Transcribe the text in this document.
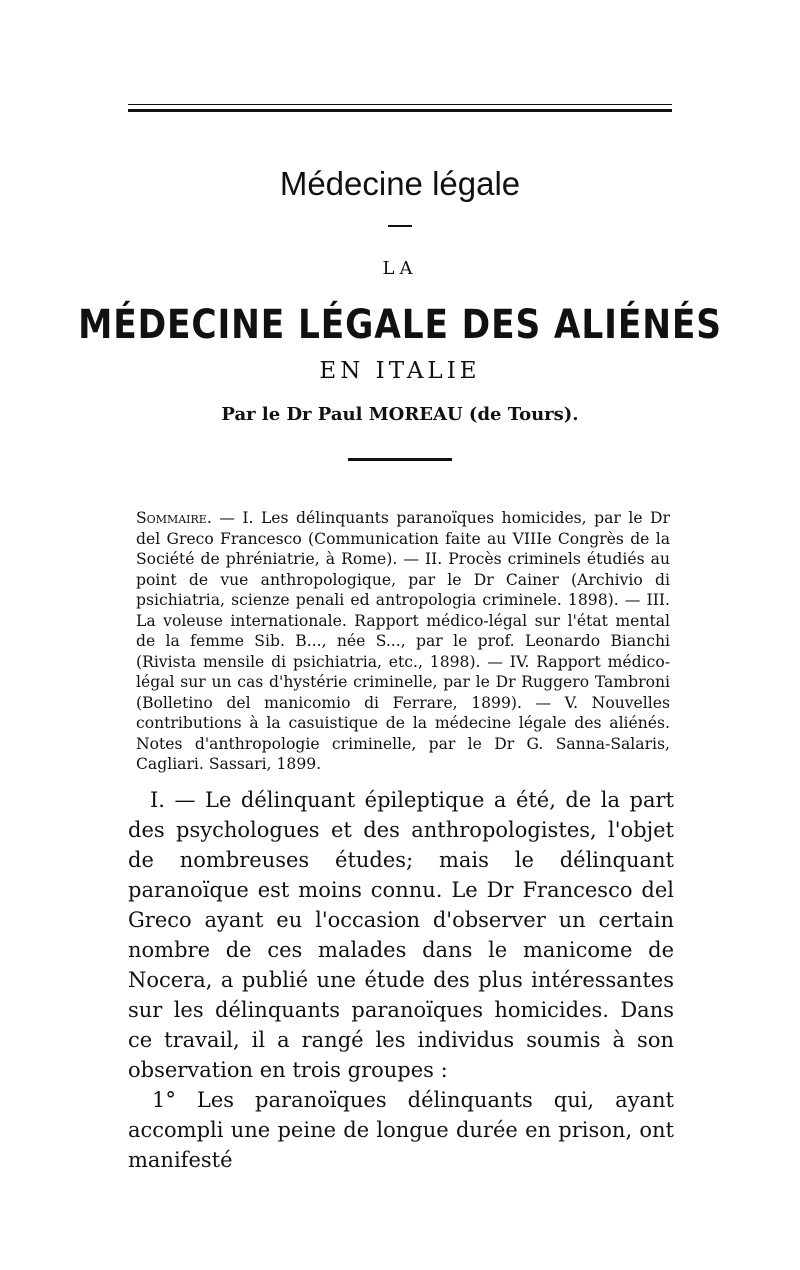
Médecine légale
LA
MÉDECINE LÉGALE DES ALIÉNÉS
EN ITALIE
Par le Dr Paul MOREAU (de Tours).
Sommaire. — I. Les délinquants paranoïques homicides, par le Dr del Greco Francesco (Communication faite au VIIIe Congrès de la Société de phréniatrie, à Rome). — II. Procès criminels étudiés au point de vue anthropologique, par le Dr Cainer (Archivio di psichiatria, scienze penali ed antropologia criminele. 1898). — III. La voleuse internationale. Rapport médico-légal sur l'état mental de la femme Sib. B..., née S..., par le prof. Leonardo Bianchi (Rivista mensile di psichiatria, etc., 1898). — IV. Rapport médico-légal sur un cas d'hystérie criminelle, par le Dr Ruggero Tambroni (Bolletino del manicomio di Ferrare, 1899). — V. Nouvelles contributions à la casuistique de la médecine légale des aliénés. Notes d'anthropologie criminelle, par le Dr G. Sanna-Salaris, Cagliari. Sassari, 1899.

I. — Le délinquant épileptique a été, de la part des psychologues et des anthropologistes, l'objet de nombreuses études; mais le délinquant paranoïque est moins connu. Le Dr Francesco del Greco ayant eu l'occasion d'observer un certain nombre de ces malades dans le manicome de Nocera, a publié une étude des plus intéressantes sur les délinquants paranoïques homicides. Dans ce travail, il a rangé les individus soumis à son observation en trois groupes :

1° Les paranoïques délinquants qui, ayant accompli une peine de longue durée en prison, ont manifesté
